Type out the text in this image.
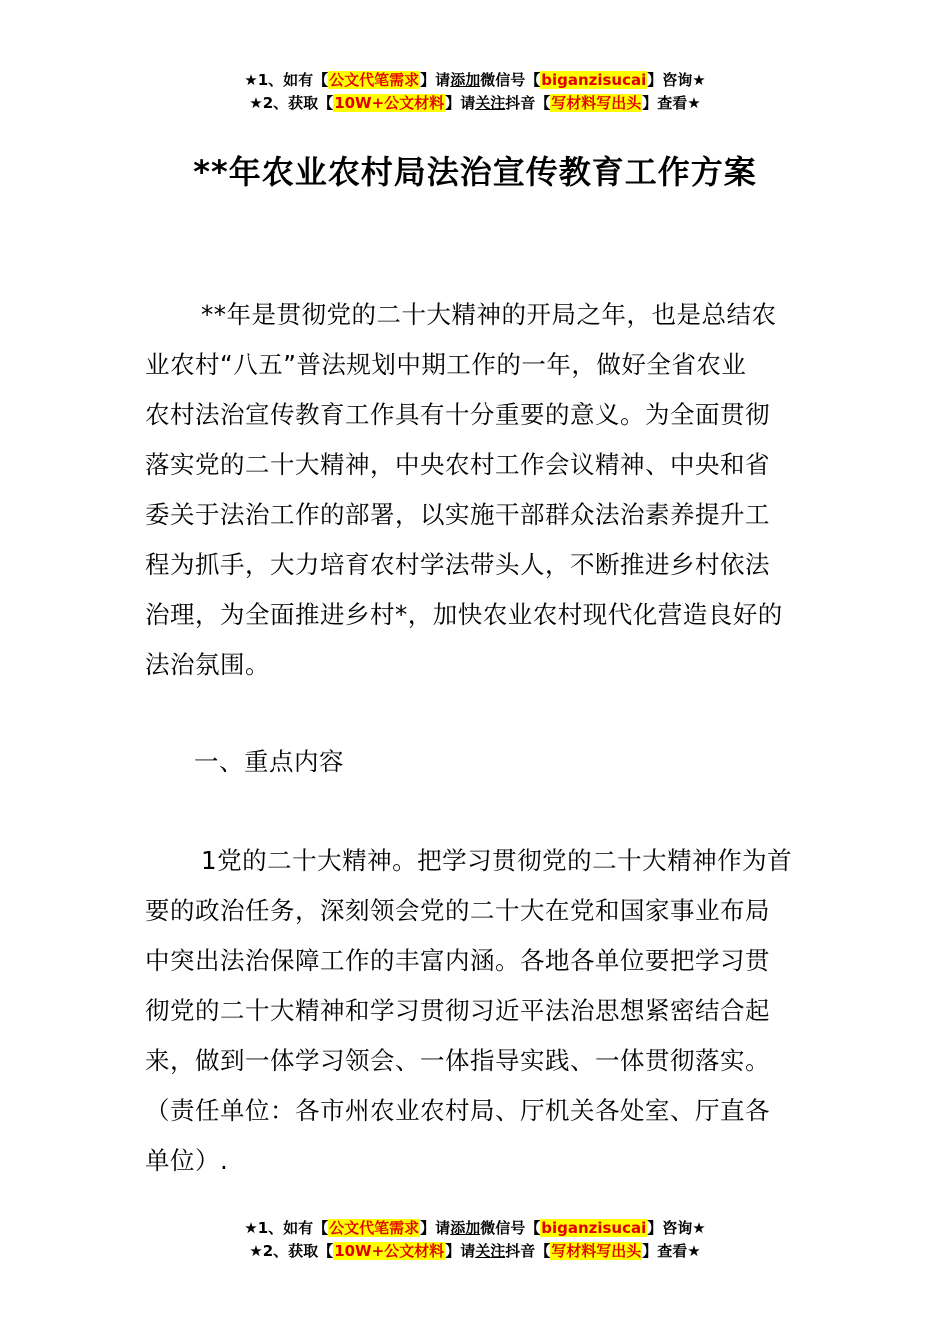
★1、如有【公文代笔需求】请添加微信号【biganzisucai】咨询★
★2、获取【10W+公文材料】请关注抖音【写材料写出头】查看★
**年农业农村局法治宣传教育工作方案
**年是贯彻党的二十大精神的开局之年，也是总结农
业农村“八五”普法规划中期工作的一年，做好全省农业
农村法治宣传教育工作具有十分重要的意义。为全面贯彻
落实党的二十大精神，中央农村工作会议精神、中央和省
委关于法治工作的部署，以实施干部群众法治素养提升工
程为抓手，大力培育农村学法带头人，不断推进乡村依法
治理，为全面推进乡村*，加快农业农村现代化营造良好的
法治氛围。
一、重点内容
1党的二十大精神。把学习贯彻党的二十大精神作为首
要的政治任务，深刻领会党的二十大在党和国家事业布局
中突出法治保障工作的丰富内涵。各地各单位要把学习贯
彻党的二十大精神和学习贯彻习近平法治思想紧密结合起
来，做到一体学习领会、一体指导实践、一体贯彻落实。
（责任单位：各市州农业农村局、厅机关各处室、厅直各
单位）.
★1、如有【公文代笔需求】请添加微信号【biganzisucai】咨询★
★2、获取【10W+公文材料】请关注抖音【写材料写出头】查看★
